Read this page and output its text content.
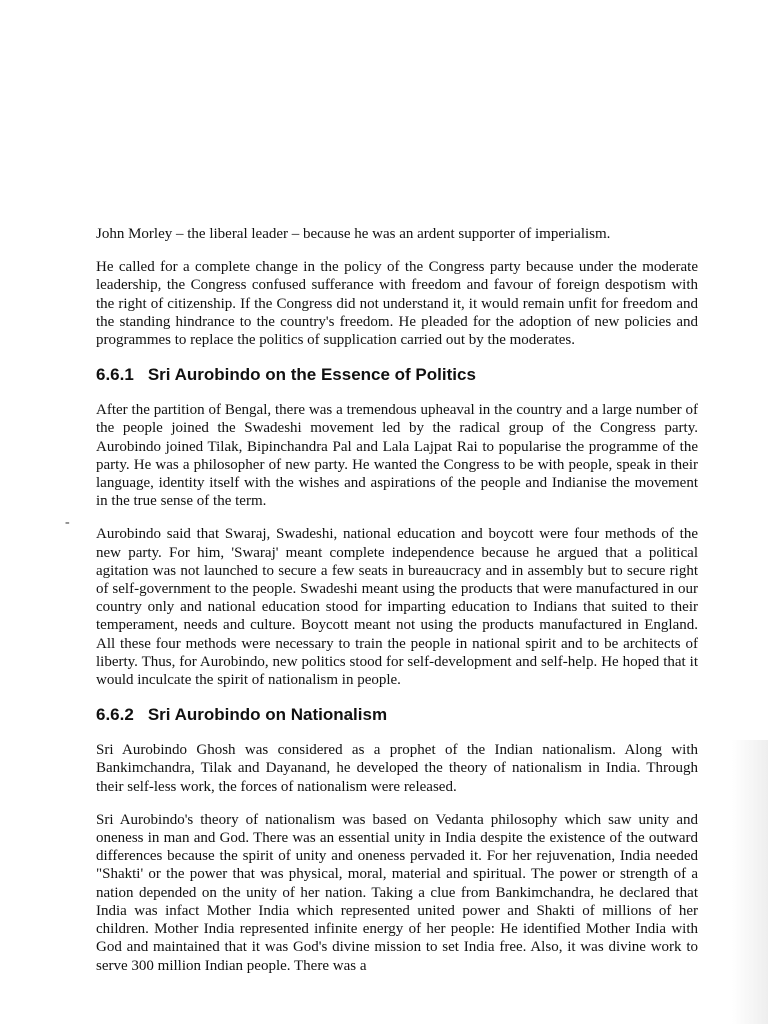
John Morley – the liberal leader – because he was an ardent supporter of imperialism.

He called for a complete change in the policy of the Congress party because under the moderate leadership, the Congress confused sufferance with freedom and favour of foreign despotism with the right of citizenship. If the Congress did not understand it, it would remain unfit for freedom and the standing hindrance to the country's freedom. He pleaded for the adoption of new policies and programmes to replace the politics of supplication carried out by the moderates.

6.6.1 Sri Aurobindo on the Essence of Politics

After the partition of Bengal, there was a tremendous upheaval in the country and a large number of the people joined the Swadeshi movement led by the radical group of the Congress party. Aurobindo joined Tilak, Bipinchandra Pal and Lala Lajpat Rai to popularise the programme of the party. He was a philosopher of new party. He wanted the Congress to be with people, speak in their language, identity itself with the wishes and aspirations of the people and Indianise the movement in the true sense of the term.

Aurobindo said that Swaraj, Swadeshi, national education and boycott were four methods of the new party. For him, 'Swaraj' meant complete independence because he argued that a political agitation was not launched to secure a few seats in bureaucracy and in assembly but to secure right of self-government to the people. Swadeshi meant using the products that were manufactured in our country only and national education stood for imparting education to Indians that suited to their temperament, needs and culture. Boycott meant not using the products manufactured in England. All these four methods were necessary to train the people in national spirit and to be architects of liberty. Thus, for Aurobindo, new politics stood for self-development and self-help. He hoped that it would inculcate the spirit of nationalism in people.

6.6.2 Sri Aurobindo on Nationalism

Sri Aurobindo Ghosh was considered as a prophet of the Indian nationalism. Along with Bankimchandra, Tilak and Dayanand, he developed the theory of nationalism in India. Through their self-less work, the forces of nationalism were released.

Sri Aurobindo's theory of nationalism was based on Vedanta philosophy which saw unity and oneness in man and God. There was an essential unity in India despite the existence of the outward differences because the spirit of unity and oneness pervaded it. For her rejuvenation, India needed "Shakti' or the power that was physical, moral, material and spiritual. The power or strength of a nation depended on the unity of her nation. Taking a clue from Bankimchandra, he declared that India was infact Mother India which represented united power and Shakti of millions of her children. Mother India represented infinite energy of her people: He identified Mother India with God and maintained that it was God's divine mission to set India free. Also, it was divine work to serve 300 million Indian people. There was a

-
